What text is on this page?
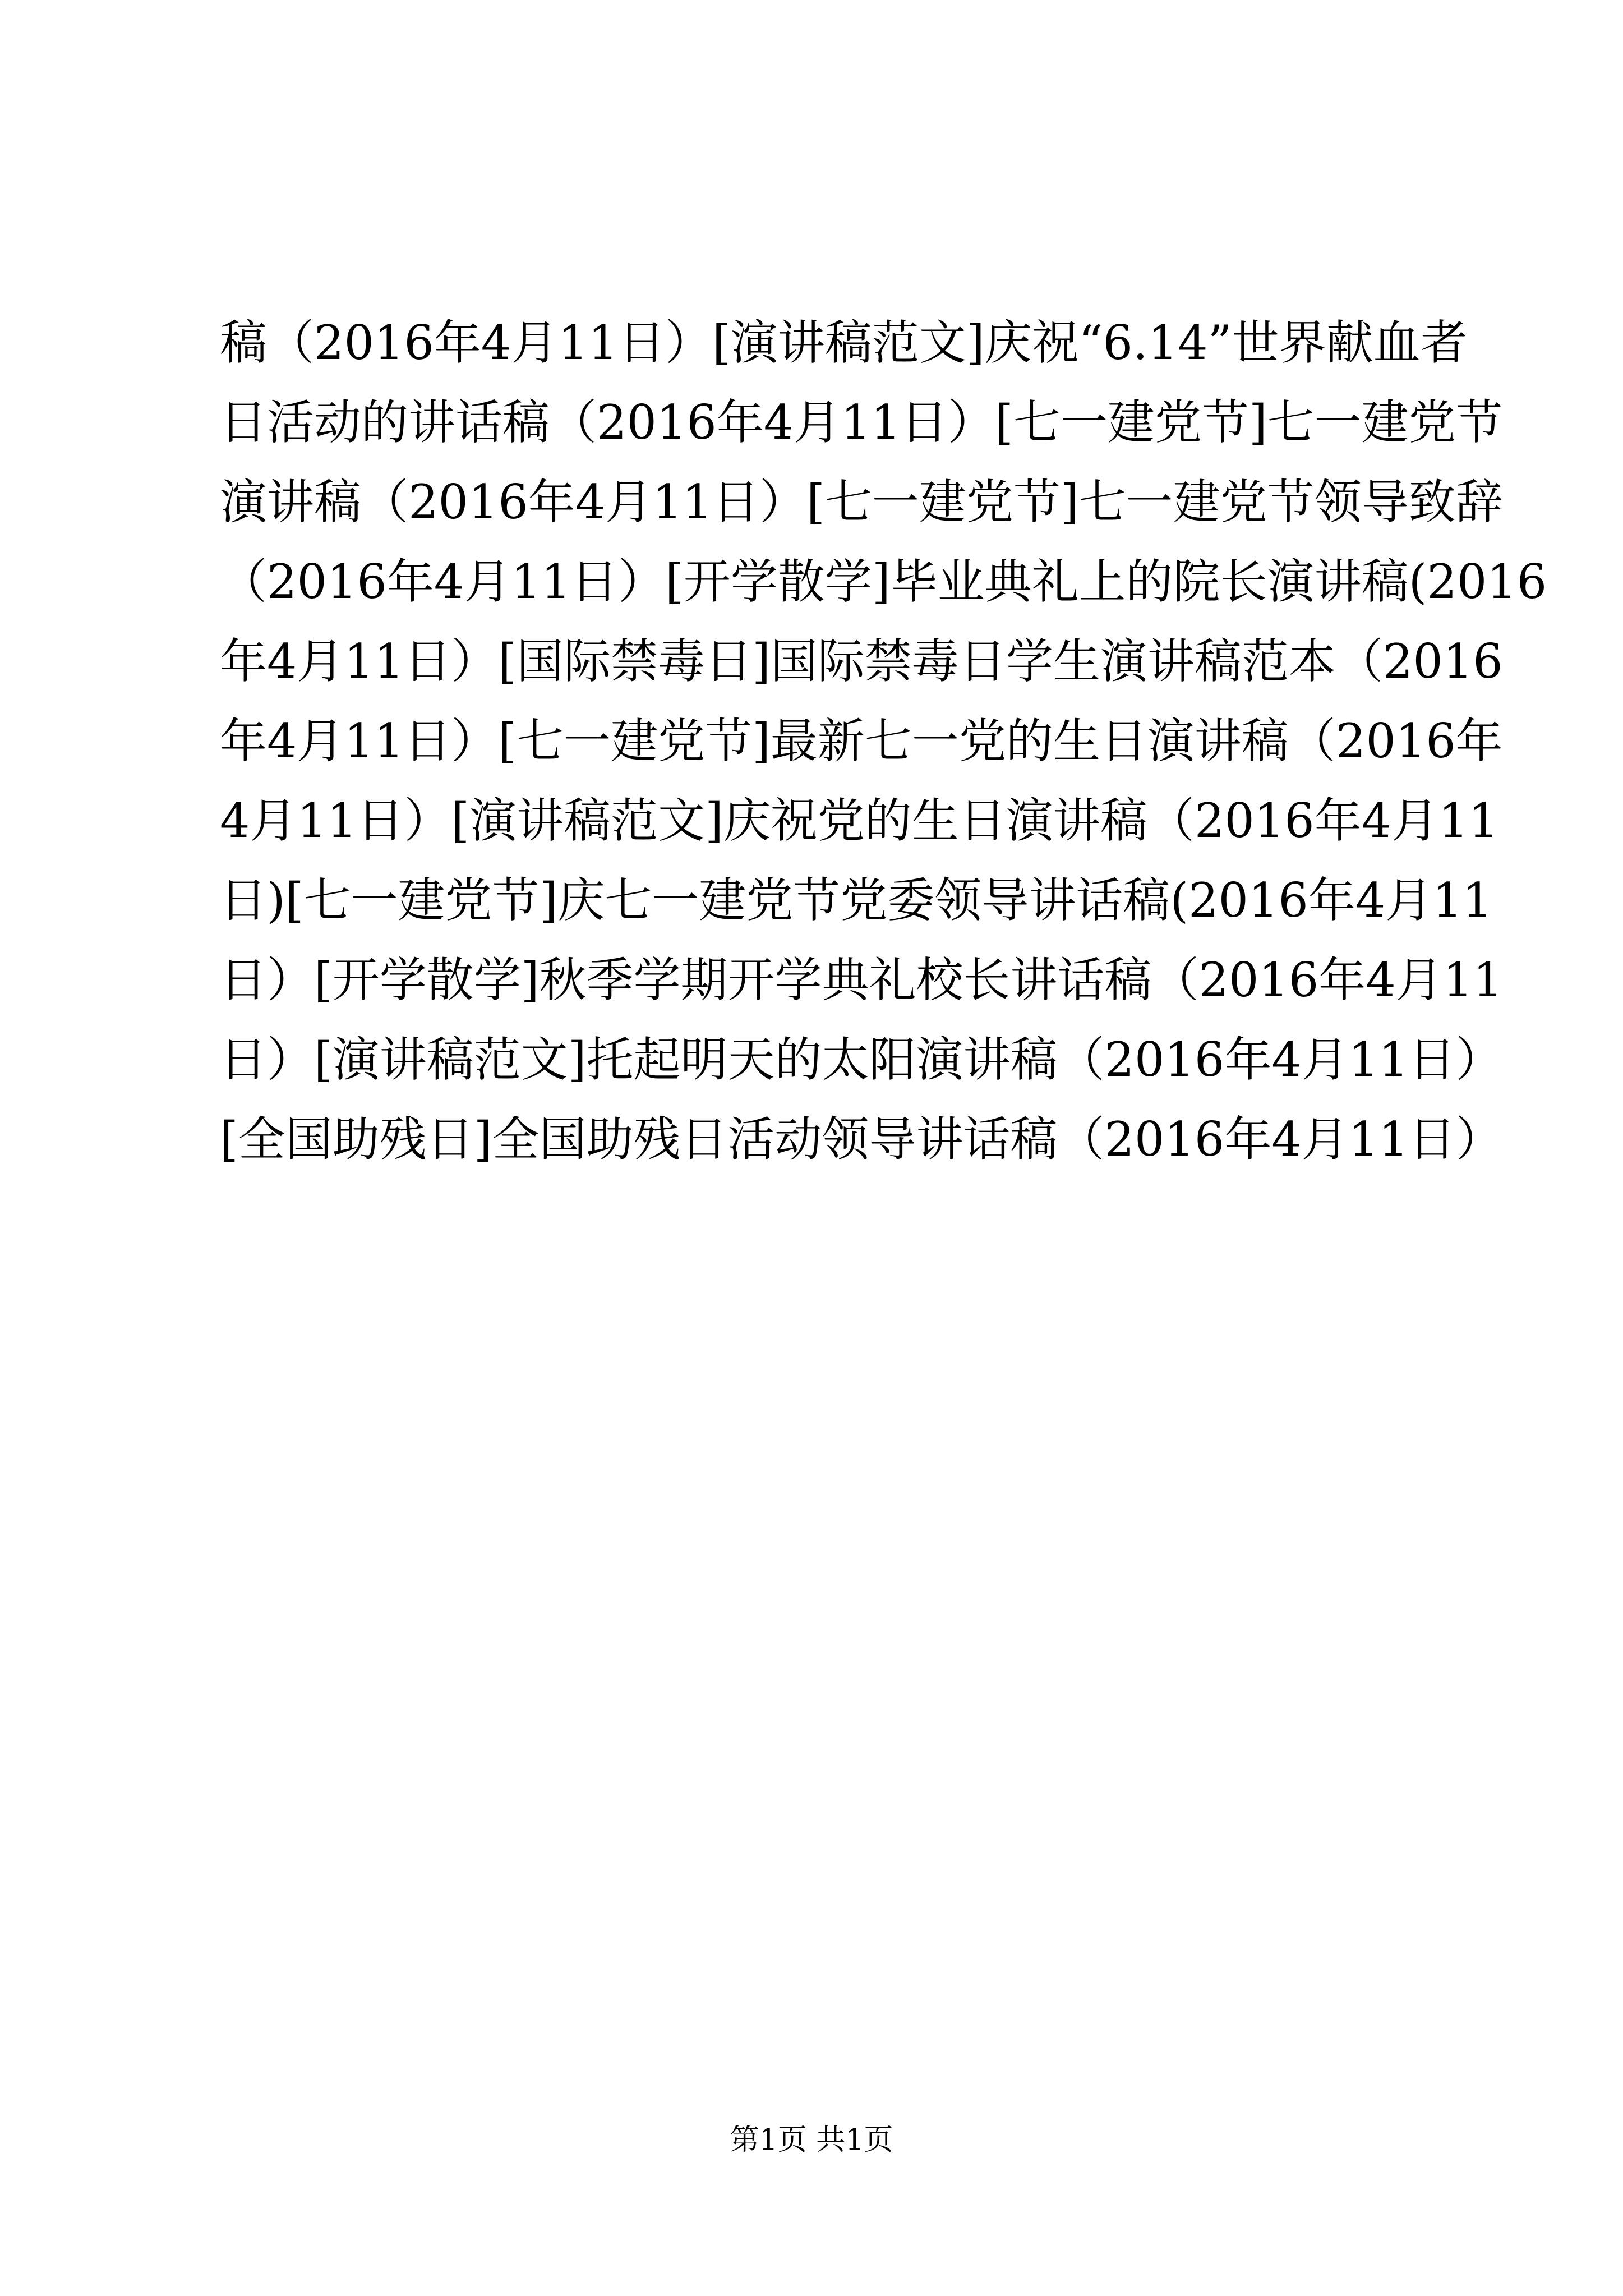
稿（2016年4月11日）[演讲稿范文]庆祝“6.14”世界献血者
日活动的讲话稿（2016年4月11日）[七一建党节]七一建党节
演讲稿（2016年4月11日）[七一建党节]七一建党节领导致辞
（2016年4月11日）[开学散学]毕业典礼上的院长演讲稿(2016
年4月11日）[国际禁毒日]国际禁毒日学生演讲稿范本（2016
年4月11日）[七一建党节]最新七一党的生日演讲稿（2016年
4月11日）[演讲稿范文]庆祝党的生日演讲稿（2016年4月11
日)[七一建党节]庆七一建党节党委领导讲话稿(2016年4月11
日）[开学散学]秋季学期开学典礼校长讲话稿（2016年4月11
日）[演讲稿范文]托起明天的太阳演讲稿（2016年4月11日）
[全国助残日]全国助残日活动领导讲话稿（2016年4月11日）
第1页 共1页
